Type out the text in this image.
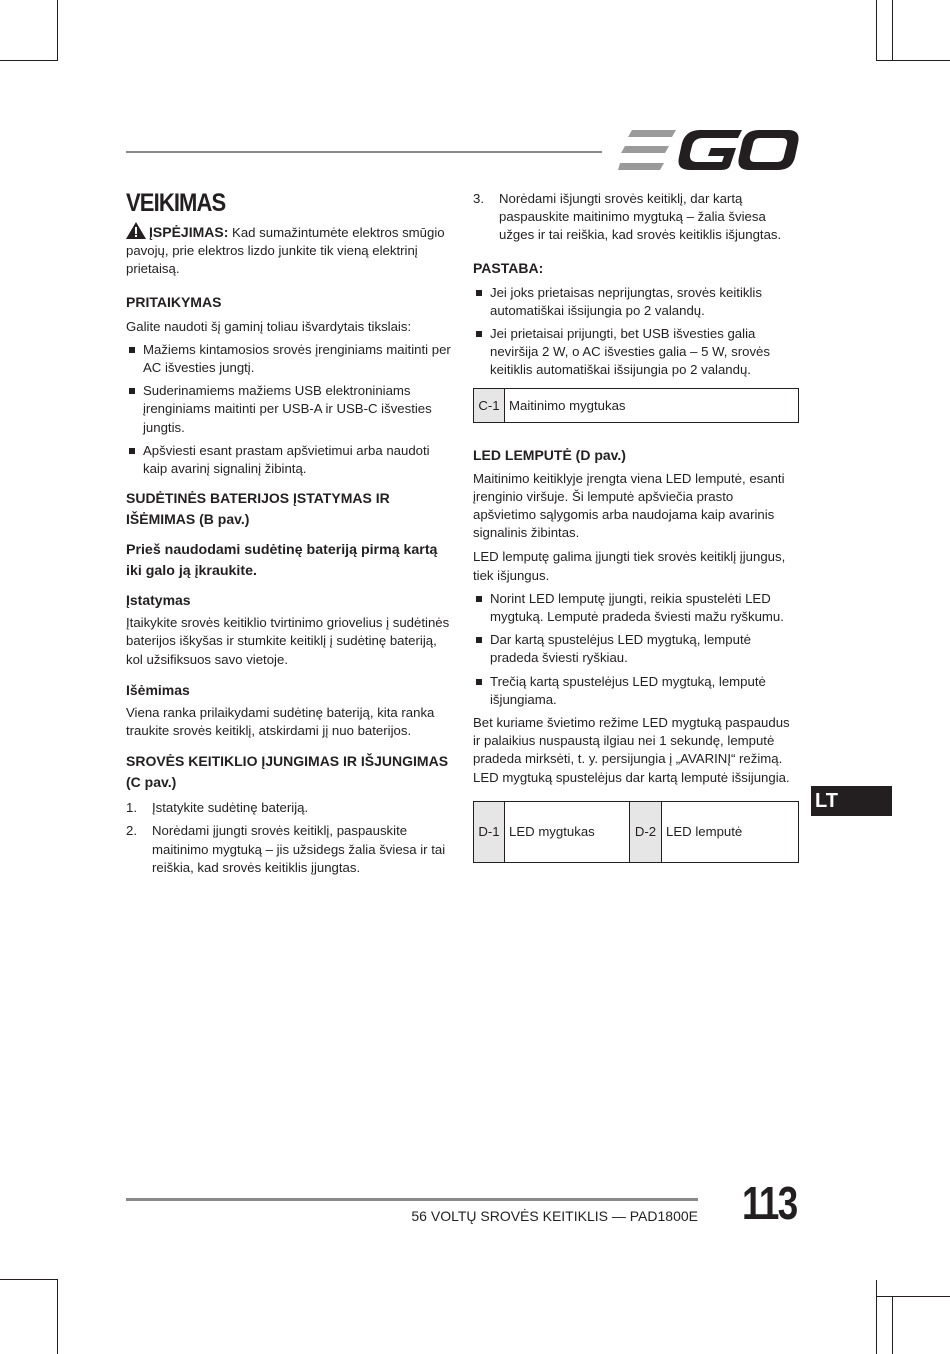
VEIKIMAS

ĮSPĖJIMAS: Kad sumažintumėte elektros smūgio pavojų, prie elektros lizdo junkite tik vieną elektrinį prietaisą.

PRITAIKYMAS

Galite naudoti šį gaminį toliau išvardytais tikslais:

Mažiems kintamosios srovės įrenginiams maitinti per AC išvesties jungtį.
Suderinamiems mažiems USB elektroniniams įrenginiams maitinti per USB-A ir USB-C išvesties jungtis.
Apšviesti esant prastam apšvietimui arba naudoti kaip avarinį signalinį žibintą.
SUDĖTINĖS BATERIJOS ĮSTATYMAS IR IŠĖMIMAS (B pav.)
Prieš naudodami sudėtinę bateriją pirmą kartą iki galo ją įkraukite.
Įstatymas

Įtaikykite srovės keitiklio tvirtinimo griovelius į sudėtinės baterijos iškyšas ir stumkite keitiklį į sudėtinę bateriją, kol užsifiksuos savo vietoje.

Išėmimas

Viena ranka prilaikydami sudėtinę bateriją, kita ranka traukite srovės keitiklį, atskirdami jį nuo baterijos.

SROVĖS KEITIKLIO ĮJUNGIMAS IR IŠJUNGIMAS (C pav.)
1. Įstatykite sudėtinę bateriją.
2. Norėdami įjungti srovės keitiklį, paspauskite maitinimo mygtuką – jis užsidegs žalia šviesa ir tai reiškia, kad srovės keitiklis įjungtas.
3. Norėdami išjungti srovės keitiklį, dar kartą paspauskite maitinimo mygtuką – žalia šviesa užges ir tai reiškia, kad srovės keitiklis išjungtas.
PASTABA:
Jei joks prietaisas neprijungtas, srovės keitiklis automatiškai išsijungia po 2 valandų.
Jei prietaisai prijungti, bet USB išvesties galia neviršija 2 W, o AC išvesties galia – 5 W, srovės keitiklis automatiškai išsijungia po 2 valandų.
C-1 Maitinimo mygtukas
LED LEMPUTĖ (D pav.)

Maitinimo keitiklyje įrengta viena LED lemputė, esanti įrenginio viršuje. Ši lemputė apšviečia prasto apšvietimo sąlygomis arba naudojama kaip avarinis signalinis žibintas.

LED lemputę galima įjungti tiek srovės keitiklį įjungus, tiek išjungus.

Norint LED lemputę įjungti, reikia spustelėti LED mygtuką. Lemputė pradeda šviesti mažu ryškumu.
Dar kartą spustelėjus LED mygtuką, lemputė pradeda šviesti ryškiau.
Trečią kartą spustelėjus LED mygtuką, lemputė išjungiama.

Bet kuriame švietimo režime LED mygtuką paspaudus ir palaikius nuspaustą ilgiau nei 1 sekundę, lemputė pradeda mirksėti, t. y. persijungia į „AVARINĮ“ režimą. LED mygtuką spustelėjus dar kartą lemputė išsijungia.

D-1 LED mygtukas	D-2 LED lemputė
LT
56 VOLTŲ SROVĖS KEITIKLIS — PAD1800E 113
